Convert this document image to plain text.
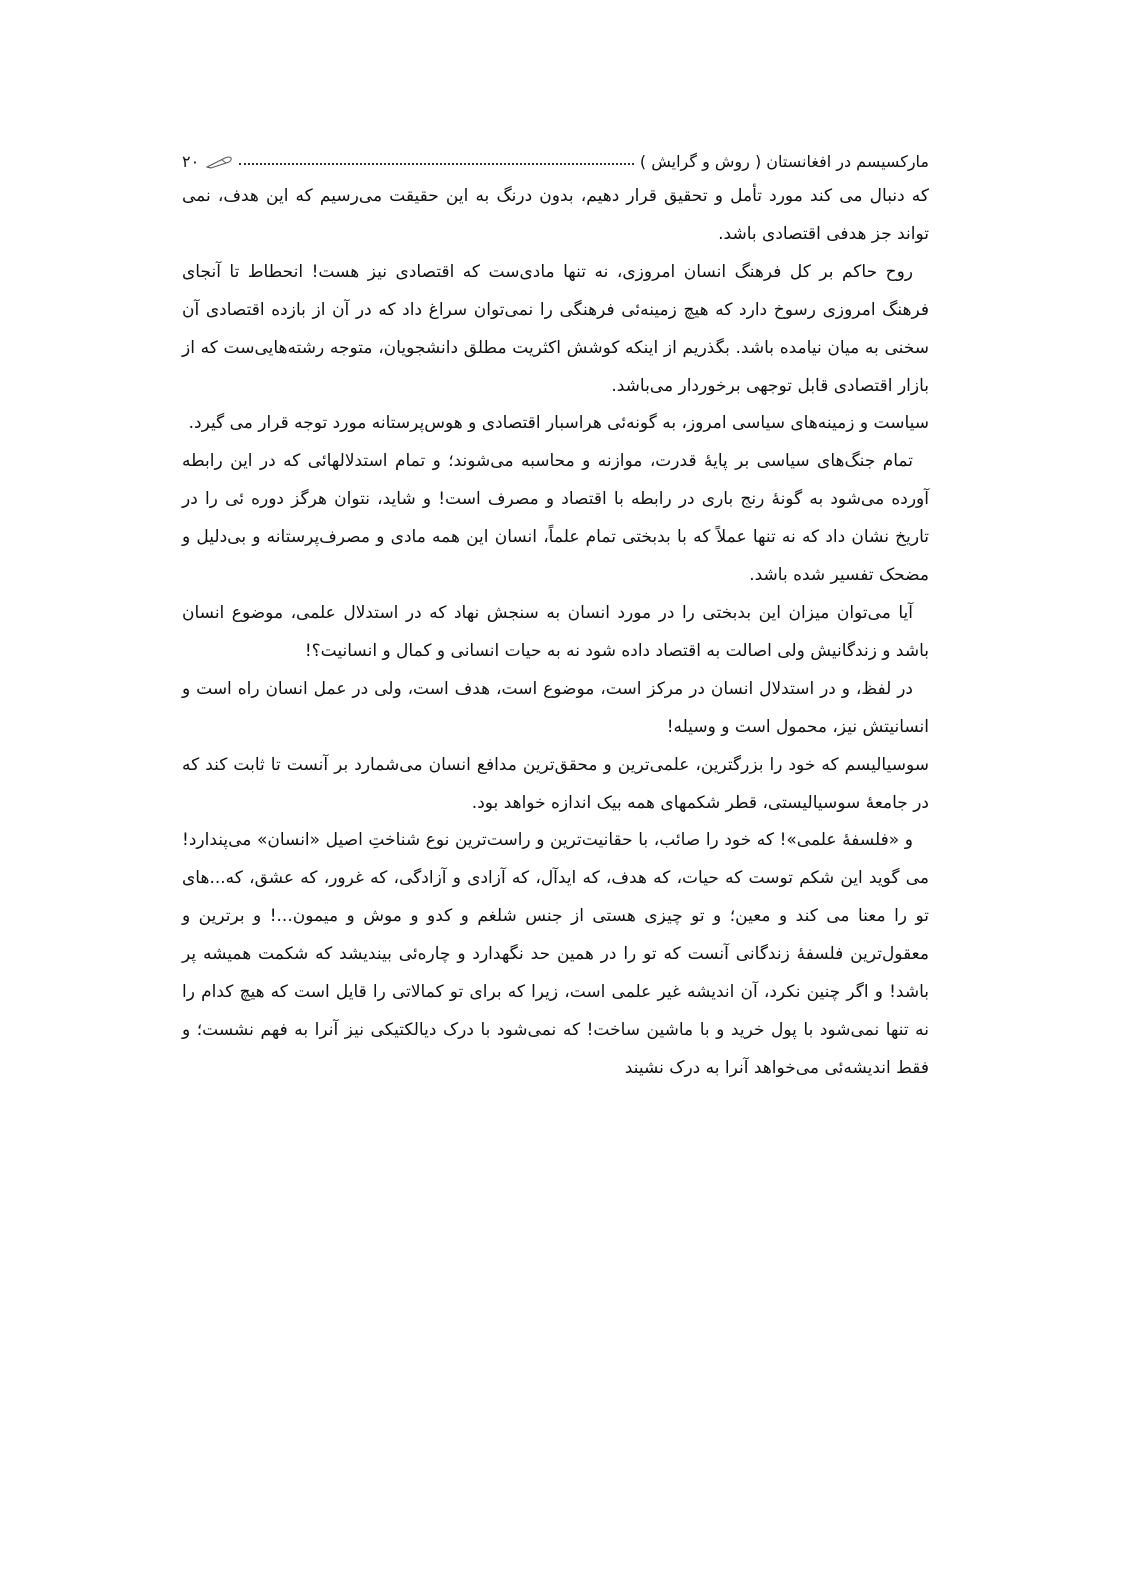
مارکسیسم در افغانستان ( روش و گرایش )
۲۰

که دنبال می کند مورد تأمل و تحقیق قرار دهیم، بدون درنگ به این حقیقت می‌رسیم که این هدف، نمی تواند جز هدفی اقتصادی باشد.

روح حاکم بر کل فرهنگ انسان امروزی، نه تنها مادی‌ست که اقتصادی نیز هست! انحطاط تا آنجای فرهنگ امروزی رسوخ دارد که هیچ زمینه‌ئی فرهنگی را نمی‌توان سراغ داد که در آن از بازده اقتصادی آن سخنی به میان نیامده باشد. بگذریم از اینکه کوشش اکثریت مطلق دانشجویان، متوجه رشته‌هایی‌ست که از بازار اقتصادی قابل توجهی برخوردار می‌باشد.

سیاست و زمینه‌های سیاسی امروز، به گونه‌ئی هراسبار اقتصادی و هوس‌پرستانه مورد توجه قرار می گیرد.

تمام جنگ‌های سیاسی بر پایهٔ قدرت، موازنه و محاسبه می‌شوند؛ و تمام استدلالهائی که در این رابطه آورده می‌شود به گونهٔ رنج باری در رابطه با اقتصاد و مصرف است! و شاید، نتوان هرگز دوره ئی را در تاریخ نشان داد که نه تنها عملاً که با بدبختی تمام علماً، انسان این همه مادی و مصرف‌پرستانه و بی‌دلیل و مضحک تفسیر شده باشد.

آیا می‌توان میزان این بدبختی را در مورد انسان به سنجش نهاد که در استدلال علمی، موضوع انسان باشد و زندگانیش ولی اصالت به اقتصاد داده شود نه به حیات انسانی و کمال و انسانیت؟!

در لفظ، و در استدلال انسان در مرکز است، موضوع است، هدف است، ولی در عمل انسان راه است و انسانیتش نیز، محمول است و وسیله!

سوسیالیسم که خود را بزرگترین، علمی‌ترین و محقق‌ترین مدافع انسان می‌شمارد بر آنست تا ثابت کند که در جامعهٔ سوسیالیستی، قطر شکمهای همه بیک اندازه خواهد بود.

و «فلسفهٔ علمی»! که خود را صائب، با حقانیت‌ترین و راست‌ترین نوع شناختِ اصیل «انسان» می‌پندارد! می گوید این شکم توست که حیات، که هدف، که ایدآل، که آزادی و آزادگی، که غرور، که عشق، که...های تو را معنا می کند و معین؛ و تو چیزی هستی از جنس شلغم و کدو و موش و میمون...! و برترین و معقول‌ترین فلسفهٔ زندگانی آنست که تو را در همین حد نگهدارد و چاره‌ئی بیندیشد که شکمت همیشه پر باشد! و اگر چنین نکرد، آن اندیشه غیر علمی است، زیرا که برای تو کمالاتی را قایل است که هیچ کدام را نه تنها نمی‌شود با پول خرید و با ماشین ساخت! که نمی‌شود با درک دیالکتیکی نیز آنرا به فهم نشست؛ و فقط اندیشه‌ئی می‌خواهد آنرا به درک نشیند
